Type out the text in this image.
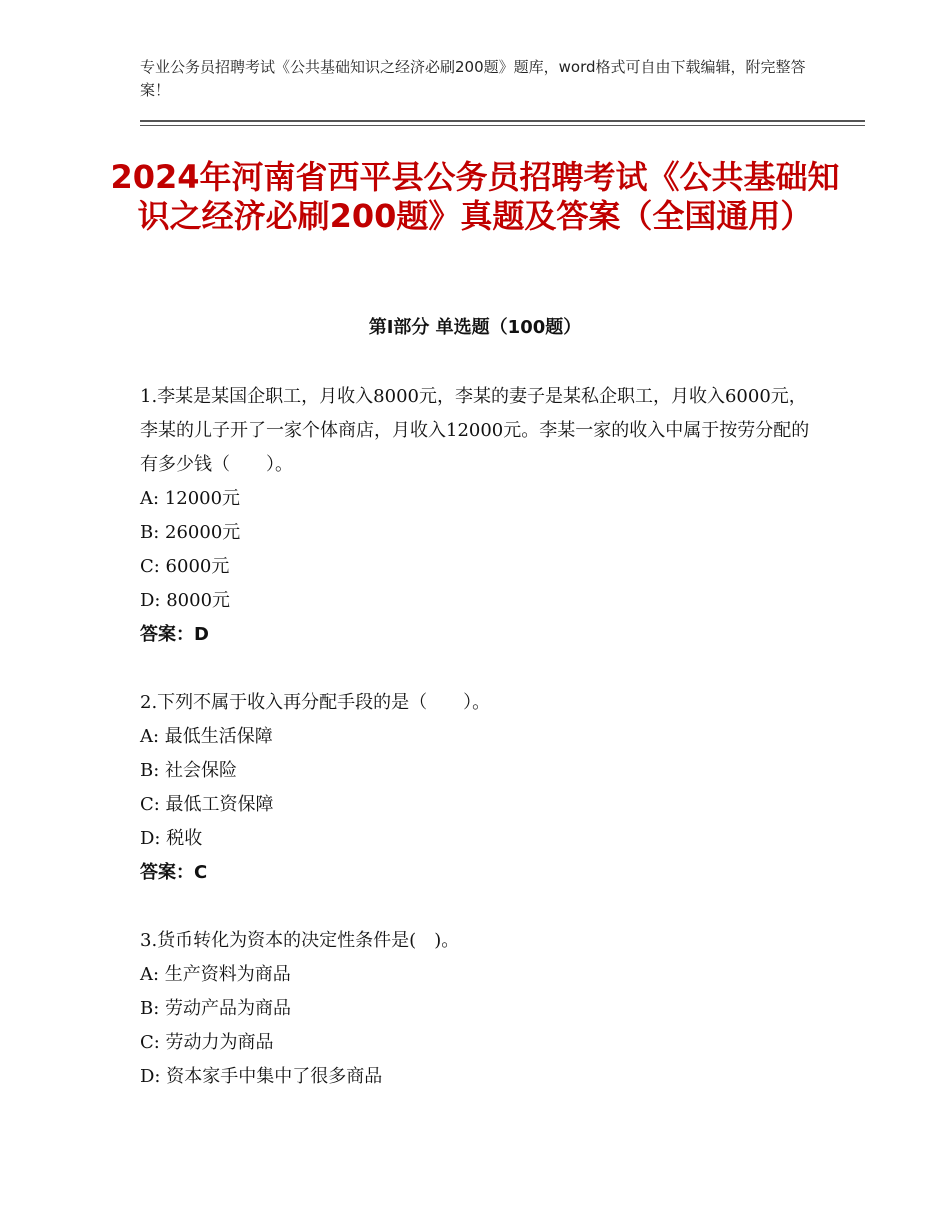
专业公务员招聘考试《公共基础知识之经济必刷200题》题库，word格式可自由下载编辑，附完整答案！
2024年河南省西平县公务员招聘考试《公共基础知识之经济必刷200题》真题及答案（全国通用）
第Ⅰ部分 单选题（100题）

1.李某是某国企职工，月收入8000元，李某的妻子是某私企职工，月收入6000元，李某的儿子开了一家个体商店，月收入12000元。李某一家的收入中属于按劳分配的有多少钱（　　）。

A: 12000元

B: 26000元

C: 6000元

D: 8000元

答案：D

2.下列不属于收入再分配手段的是（　　）。

A: 最低生活保障

B: 社会保险

C: 最低工资保障

D: 税收

答案：C

3.货币转化为资本的决定性条件是(　)。

A: 生产资料为商品

B: 劳动产品为商品

C: 劳动力为商品

D: 资本家手中集中了很多商品
